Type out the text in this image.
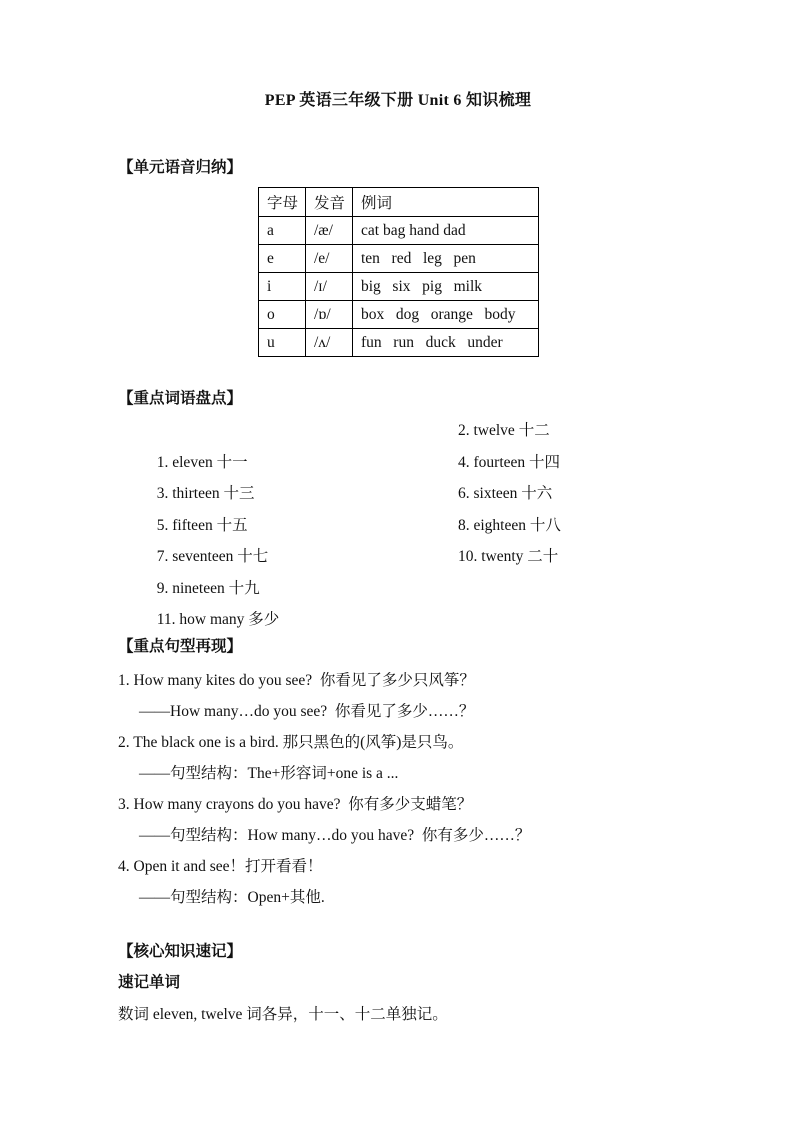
PEP 英语三年级下册 Unit 6 知识梳理
【单元语音归纳】
字母	发音	例词
a	/æ/	cat bag hand dad
e	/e/	ten   red   leg   pen
i	/ɪ/	big   six   pig   milk
o	/ɒ/	box   dog   orange   body
u	/ʌ/	fun   run   duck   under
【重点词语盘点】

1. eleven 十一

2. twelve 十二

3. thirteen 十三

4. fourteen 十四

5. fifteen 十五

6. sixteen 十六

7. seventeen 十七

8. eighteen 十八

9. nineteen 十九

10. twenty 二十

11. how many 多少

【重点句型再现】

1. How many kites do you see?  你看见了多少只风筝？

——How many…do you see?  你看见了多少……？

2. The black one is a bird. 那只黑色的(风筝)是只鸟。

——句型结构：The+形容词+one is a ...

3. How many crayons do you have?  你有多少支蜡笔？

——句型结构：How many…do you have?  你有多少……？

4. Open it and see！打开看看！

——句型结构：Open+其他.

【核心知识速记】
速记单词

数词 eleven, twelve 词各异，十一、十二单独记。
